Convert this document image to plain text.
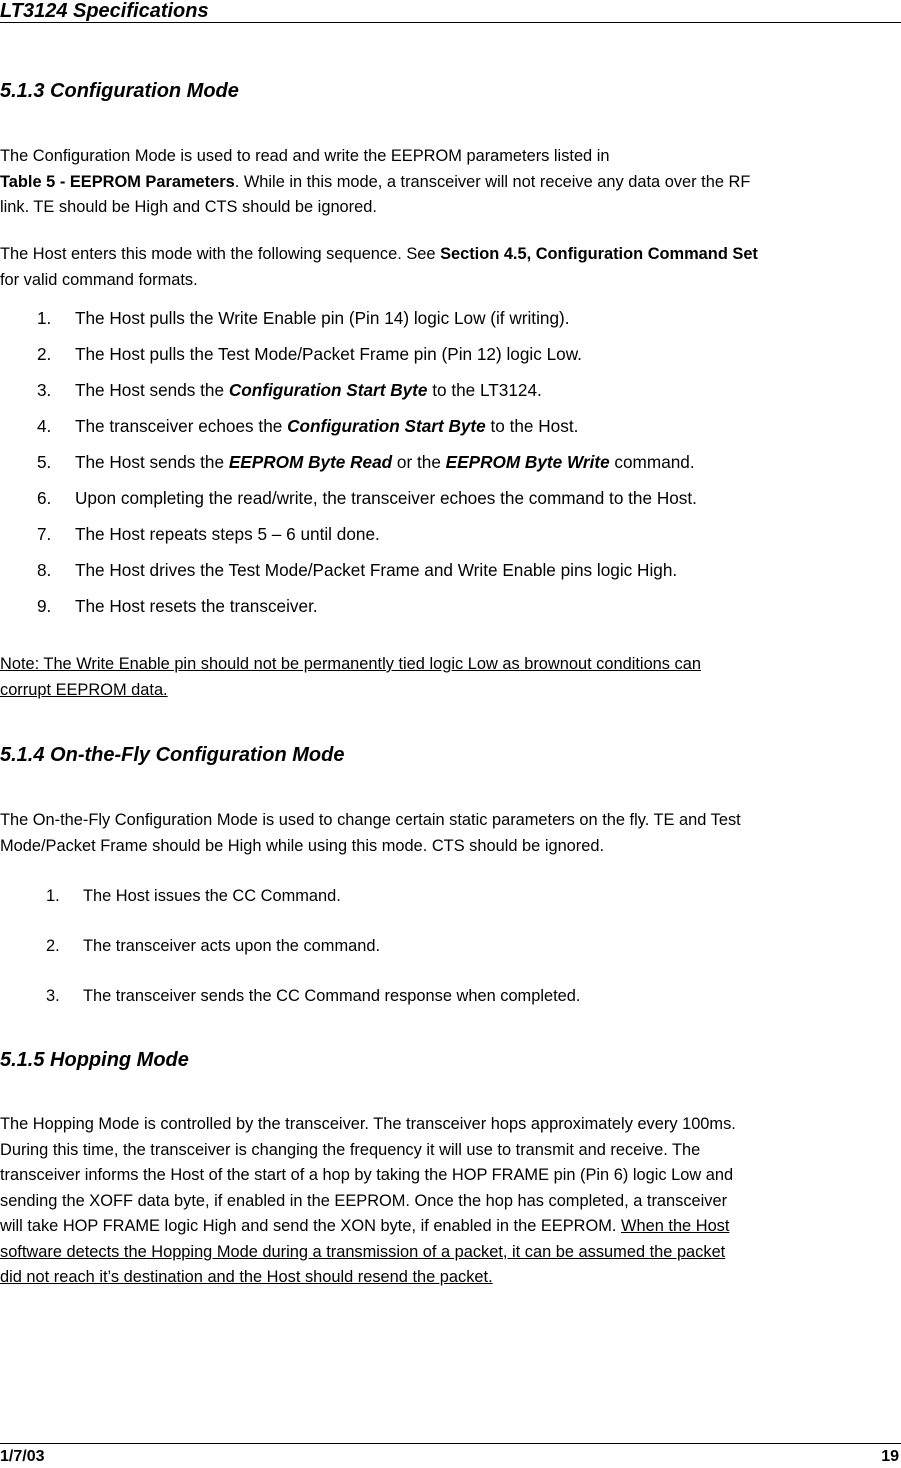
LT3124 Specifications
5.1.3 Configuration Mode
The Configuration Mode is used to read and write the EEPROM parameters listed in
Table 5 - EEPROM Parameters. While in this mode, a transceiver will not receive any data over the RF
link. TE should be High and CTS should be ignored.
The Host enters this mode with the following sequence. See Section 4.5, Configuration Command Set
for valid command formats.
1. The Host pulls the Write Enable pin (Pin 14) logic Low (if writing).
2. The Host pulls the Test Mode/Packet Frame pin (Pin 12) logic Low.
3. The Host sends the Configuration Start Byte to the LT3124.
4. The transceiver echoes the Configuration Start Byte to the Host.
5. The Host sends the EEPROM Byte Read or the EEPROM Byte Write command.
6. Upon completing the read/write, the transceiver echoes the command to the Host.
7. The Host repeats steps 5 – 6 until done.
8. The Host drives the Test Mode/Packet Frame and Write Enable pins logic High.
9. The Host resets the transceiver.
Note: The Write Enable pin should not be permanently tied logic Low as brownout conditions can
corrupt EEPROM data.
5.1.4 On-the-Fly Configuration Mode
The On-the-Fly Configuration Mode is used to change certain static parameters on the fly. TE and Test
Mode/Packet Frame should be High while using this mode. CTS should be ignored.
1. The Host issues the CC Command.
2. The transceiver acts upon the command.
3. The transceiver sends the CC Command response when completed.
5.1.5 Hopping Mode
The Hopping Mode is controlled by the transceiver. The transceiver hops approximately every 100ms.
During this time, the transceiver is changing the frequency it will use to transmit and receive. The
transceiver informs the Host of the start of a hop by taking the HOP FRAME pin (Pin 6) logic Low and
sending the XOFF data byte, if enabled in the EEPROM. Once the hop has completed, a transceiver
will take HOP FRAME logic High and send the XON byte, if enabled in the EEPROM. When the Host
software detects the Hopping Mode during a transmission of a packet, it can be assumed the packet
did not reach it’s destination and the Host should resend the packet.
1/7/03	19
